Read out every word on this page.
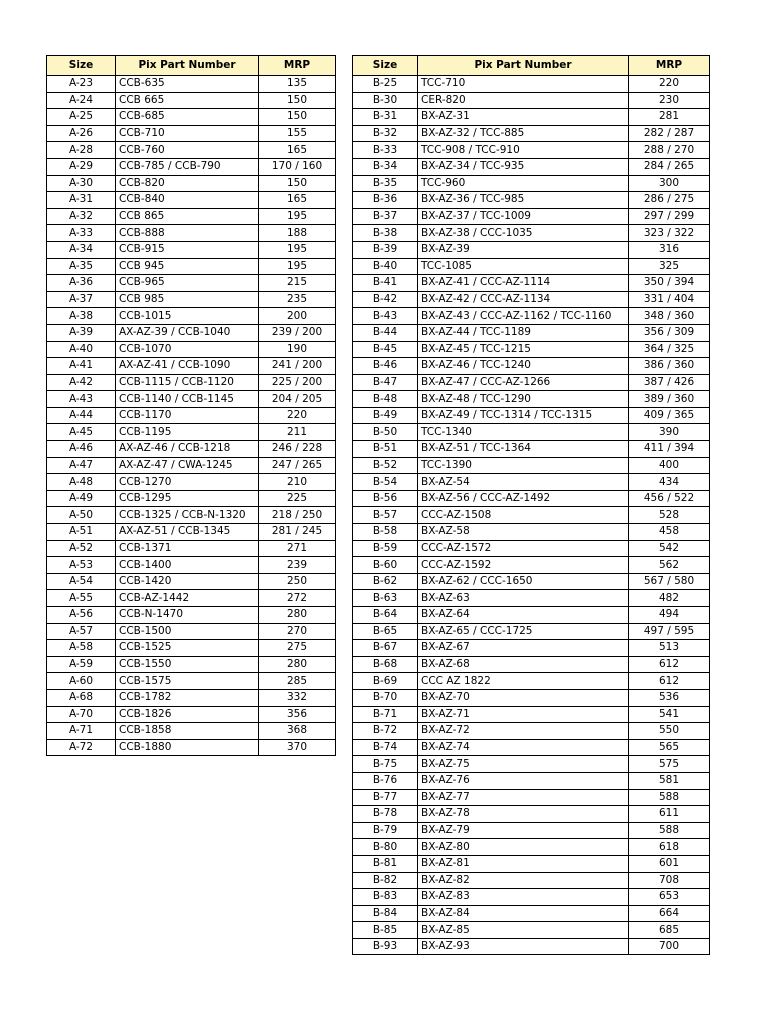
Size	Pix Part Number	MRP
A-23	CCB-635	135
A-24	CCB 665	150
A-25	CCB-685	150
A-26	CCB-710	155
A-28	CCB-760	165
A-29	CCB-785 / CCB-790	170 / 160
A-30	CCB-820	150
A-31	CCB-840	165
A-32	CCB 865	195
A-33	CCB-888	188
A-34	CCB-915	195
A-35	CCB 945	195
A-36	CCB-965	215
A-37	CCB 985	235
A-38	CCB-1015	200
A-39	AX-AZ-39 / CCB-1040	239 / 200
A-40	CCB-1070	190
A-41	AX-AZ-41 / CCB-1090	241 / 200
A-42	CCB-1115 / CCB-1120	225 / 200
A-43	CCB-1140 / CCB-1145	204 / 205
A-44	CCB-1170	220
A-45	CCB-1195	211
A-46	AX-AZ-46 / CCB-1218	246 / 228
A-47	AX-AZ-47 / CWA-1245	247 / 265
A-48	CCB-1270	210
A-49	CCB-1295	225
A-50	CCB-1325 / CCB-N-1320	218 / 250
A-51	AX-AZ-51 / CCB-1345	281 / 245
A-52	CCB-1371	271
A-53	CCB-1400	239
A-54	CCB-1420	250
A-55	CCB-AZ-1442	272
A-56	CCB-N-1470	280
A-57	CCB-1500	270
A-58	CCB-1525	275
A-59	CCB-1550	280
A-60	CCB-1575	285
A-68	CCB-1782	332
A-70	CCB-1826	356
A-71	CCB-1858	368
A-72	CCB-1880	370
Size	Pix Part Number	MRP
B-25	TCC-710	220
B-30	CER-820	230
B-31	BX-AZ-31	281
B-32	BX-AZ-32 / TCC-885	282 / 287
B-33	TCC-908 / TCC-910	288 / 270
B-34	BX-AZ-34 / TCC-935	284 / 265
B-35	TCC-960	300
B-36	BX-AZ-36 / TCC-985	286 / 275
B-37	BX-AZ-37 / TCC-1009	297 / 299
B-38	BX-AZ-38 / CCC-1035	323 / 322
B-39	BX-AZ-39	316
B-40	TCC-1085	325
B-41	BX-AZ-41 / CCC-AZ-1114	350 / 394
B-42	BX-AZ-42 / CCC-AZ-1134	331 / 404
B-43	BX-AZ-43 / CCC-AZ-1162 / TCC-1160	348 / 360
B-44	BX-AZ-44 / TCC-1189	356 / 309
B-45	BX-AZ-45 / TCC-1215	364 / 325
B-46	BX-AZ-46 / TCC-1240	386 / 360
B-47	BX-AZ-47 / CCC-AZ-1266	387 / 426
B-48	BX-AZ-48 / TCC-1290	389 / 360
B-49	BX-AZ-49 / TCC-1314 / TCC-1315	409 / 365
B-50	TCC-1340	390
B-51	BX-AZ-51 / TCC-1364	411 / 394
B-52	TCC-1390	400
B-54	BX-AZ-54	434
B-56	BX-AZ-56 / CCC-AZ-1492	456 / 522
B-57	CCC-AZ-1508	528
B-58	BX-AZ-58	458
B-59	CCC-AZ-1572	542
B-60	CCC-AZ-1592	562
B-62	BX-AZ-62 / CCC-1650	567 / 580
B-63	BX-AZ-63	482
B-64	BX-AZ-64	494
B-65	BX-AZ-65 / CCC-1725	497 / 595
B-67	BX-AZ-67	513
B-68	BX-AZ-68	612
B-69	CCC AZ 1822	612
B-70	BX-AZ-70	536
B-71	BX-AZ-71	541
B-72	BX-AZ-72	550
B-74	BX-AZ-74	565
B-75	BX-AZ-75	575
B-76	BX-AZ-76	581
B-77	BX-AZ-77	588
B-78	BX-AZ-78	611
B-79	BX-AZ-79	588
B-80	BX-AZ-80	618
B-81	BX-AZ-81	601
B-82	BX-AZ-82	708
B-83	BX-AZ-83	653
B-84	BX-AZ-84	664
B-85	BX-AZ-85	685
B-93	BX-AZ-93	700
